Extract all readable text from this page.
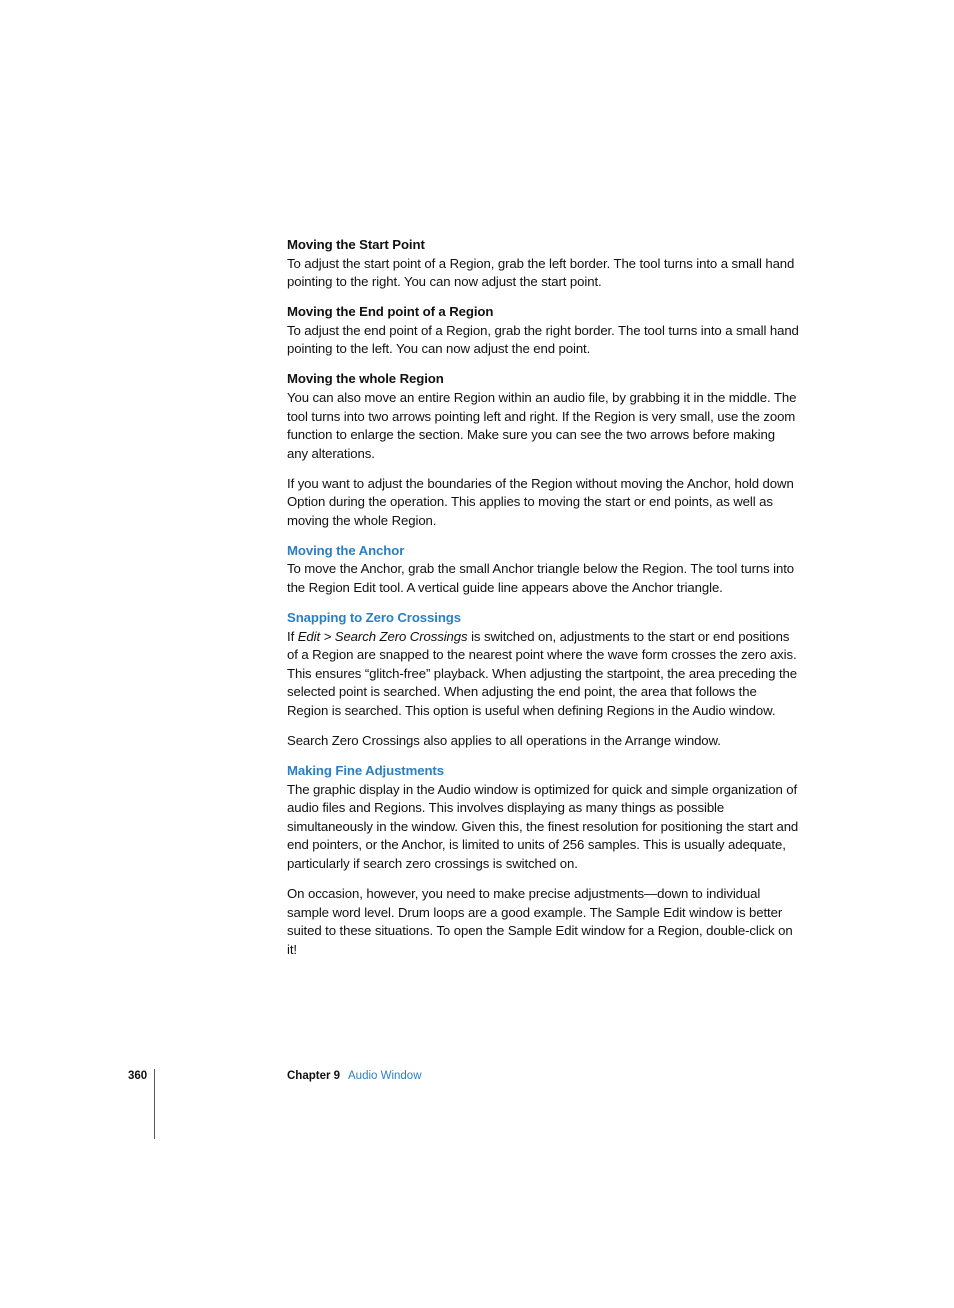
Moving the Start Point

To adjust the start point of a Region, grab the left border. The tool turns into a small hand pointing to the right. You can now adjust the start point.

Moving the End point of a Region

To adjust the end point of a Region, grab the right border. The tool turns into a small hand pointing to the left. You can now adjust the end point.

Moving the whole Region

You can also move an entire Region within an audio file, by grabbing it in the middle. The tool turns into two arrows pointing left and right. If the Region is very small, use the zoom function to enlarge the section. Make sure you can see the two arrows before making any alterations.

If you want to adjust the boundaries of the Region without moving the Anchor, hold down Option during the operation. This applies to moving the start or end points, as well as moving the whole Region.

Moving the Anchor

To move the Anchor, grab the small Anchor triangle below the Region. The tool turns into the Region Edit tool. A vertical guide line appears above the Anchor triangle.

Snapping to Zero Crossings

If Edit > Search Zero Crossings is switched on, adjustments to the start or end positions of a Region are snapped to the nearest point where the wave form crosses the zero axis. This ensures “glitch-free” playback. When adjusting the startpoint, the area preceding the selected point is searched. When adjusting the end point, the area that follows the Region is searched. This option is useful when defining Regions in the Audio window.

Search Zero Crossings also applies to all operations in the Arrange window.

Making Fine Adjustments

The graphic display in the Audio window is optimized for quick and simple organization of audio files and Regions. This involves displaying as many things as possible simultaneously in the window. Given this, the finest resolution for positioning the start and end pointers, or the Anchor, is limited to units of 256 samples. This is usually adequate, particularly if search zero crossings is switched on.

On occasion, however, you need to make precise adjustments—down to individual sample word level. Drum loops are a good example. The Sample Edit window is better suited to these situations. To open the Sample Edit window for a Region, double-click on it!

360	Chapter 9 Audio Window
